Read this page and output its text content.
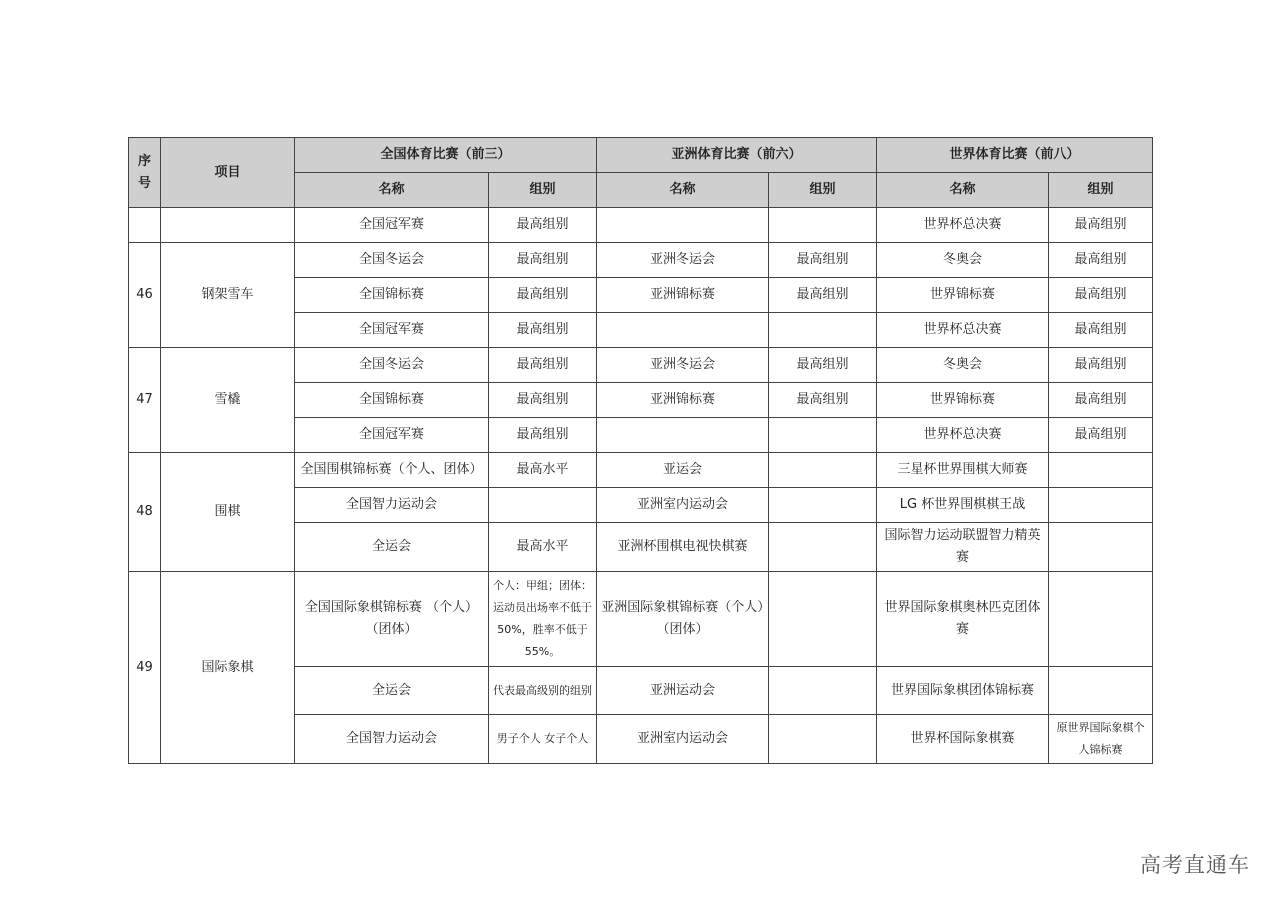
序号	项目	全国体育比赛（前三）		亚洲体育比赛（前六）		世界体育比赛（前八）	
		名称	组别	名称	组别	名称	组别
		全国冠军赛	最高组别			世界杯总决赛	最高组别
46	钢架雪车	全国冬运会	最高组别	亚洲冬运会	最高组别	冬奥会	最高组别
		全国锦标赛	最高组别	亚洲锦标赛	最高组别	世界锦标赛	最高组别
		全国冠军赛	最高组别			世界杯总决赛	最高组别
47	雪橇	全国冬运会	最高组别	亚洲冬运会	最高组别	冬奥会	最高组别
		全国锦标赛	最高组别	亚洲锦标赛	最高组别	世界锦标赛	最高组别
		全国冠军赛	最高组别			世界杯总决赛	最高组别
48	围棋	全国围棋锦标赛（个人、团体）	最高水平	亚运会		三星杯世界围棋大师赛	
		全国智力运动会		亚洲室内运动会		LG 杯世界围棋棋王战	
		全运会	最高水平	亚洲杯围棋电视快棋赛		国际智力运动联盟智力精英赛	
49	国际象棋	全国国际象棋锦标赛 （个人）（团体）	个人：甲组；团体：运动员出场率不低于 50%，胜率不低于 55%。	亚洲国际象棋锦标赛（个人）（团体）		世界国际象棋奥林匹克团体赛	
		全运会	代表最高级别的组别	亚洲运动会		世界国际象棋团体锦标赛	
		全国智力运动会	男子个人 女子个人	亚洲室内运动会		世界杯国际象棋赛	原世界国际象棋个人锦标赛
高考直通车
